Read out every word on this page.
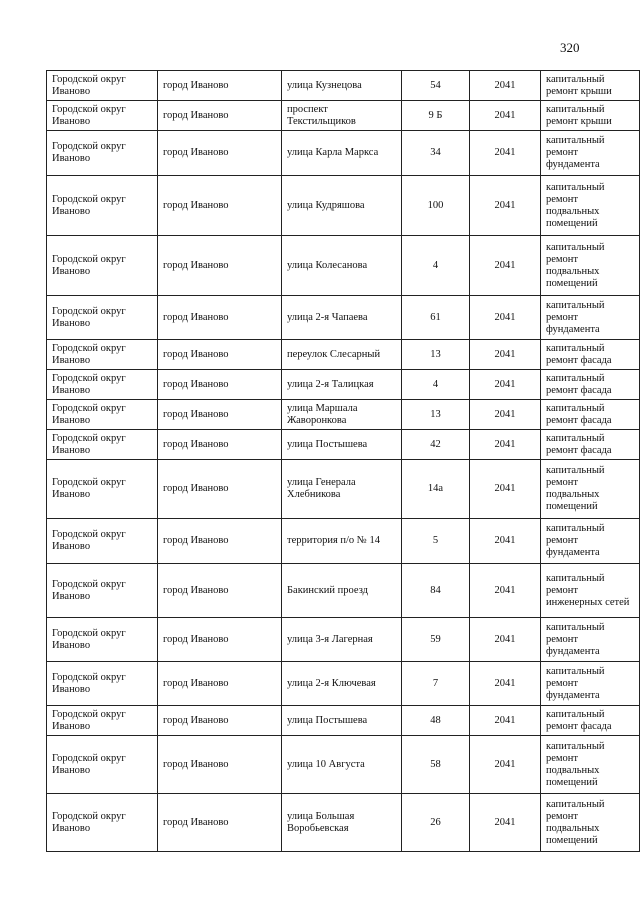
320
Городской округ Иваново	город Иваново	улица Кузнецова	54	2041	капитальный ремонт крыши
Городской округ Иваново	город Иваново	проспект Текстильщиков	9 Б	2041	капитальный ремонт крыши
Городской округ Иваново	город Иваново	улица Карла Маркса	34	2041	капитальный ремонт фундамента
Городской округ Иваново	город Иваново	улица Кудряшова	100	2041	капитальный ремонт подвальных помещений
Городской округ Иваново	город Иваново	улица Колесанова	4	2041	капитальный ремонт подвальных помещений
Городской округ Иваново	город Иваново	улица 2-я Чапаева	61	2041	капитальный ремонт фундамента
Городской округ Иваново	город Иваново	переулок Слесарный	13	2041	капитальный ремонт фасада
Городской округ Иваново	город Иваново	улица 2-я Талицкая	4	2041	капитальный ремонт фасада
Городской округ Иваново	город Иваново	улица Маршала Жаворонкова	13	2041	капитальный ремонт фасада
Городской округ Иваново	город Иваново	улица Постышева	42	2041	капитальный ремонт фасада
Городской округ Иваново	город Иваново	улица Генерала Хлебникова	14а	2041	капитальный ремонт подвальных помещений
Городской округ Иваново	город Иваново	территория п/о № 14	5	2041	капитальный ремонт фундамента
Городской округ Иваново	город Иваново	Бакинский проезд	84	2041	капитальный ремонт инженерных сетей
Городской округ Иваново	город Иваново	улица 3-я Лагерная	59	2041	капитальный ремонт фундамента
Городской округ Иваново	город Иваново	улица 2-я Ключевая	7	2041	капитальный ремонт фундамента
Городской округ Иваново	город Иваново	улица Постышева	48	2041	капитальный ремонт фасада
Городской округ Иваново	город Иваново	улица 10 Августа	58	2041	капитальный ремонт подвальных помещений
Городской округ Иваново	город Иваново	улица Большая Воробьевская	26	2041	капитальный ремонт подвальных помещений
